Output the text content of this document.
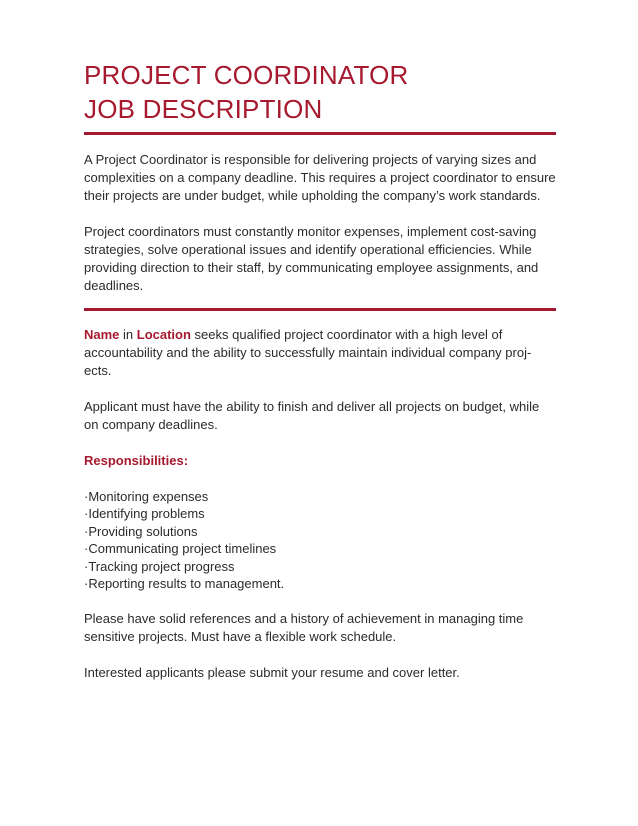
PROJECT COORDINATOR
JOB DESCRIPTION

A Project Coordinator is responsible for delivering projects of varying sizes and complexities on a company deadline. This requires a project coordinator to ensure their projects are under budget, while upholding the company’s work standards.

Project coordinators must constantly monitor expenses, implement cost-saving strategies, solve operational issues and identify operational efficiencies. While providing direction to their staff, by communicating employee assignments, and deadlines.

Name in Location seeks qualified project coordinator with a high level of accountability and the ability to successfully maintain individual company proj-ects.

Applicant must have the ability to finish and deliver all projects on budget, while on company deadlines.

Responsibilities:

·Monitoring expenses
·Identifying problems
·Providing solutions
·Communicating project timelines
·Tracking project progress
·Reporting results to management.

Please have solid references and a history of achievement in managing time sensitive projects. Must have a flexible work schedule.

Interested applicants please submit your resume and cover letter.
